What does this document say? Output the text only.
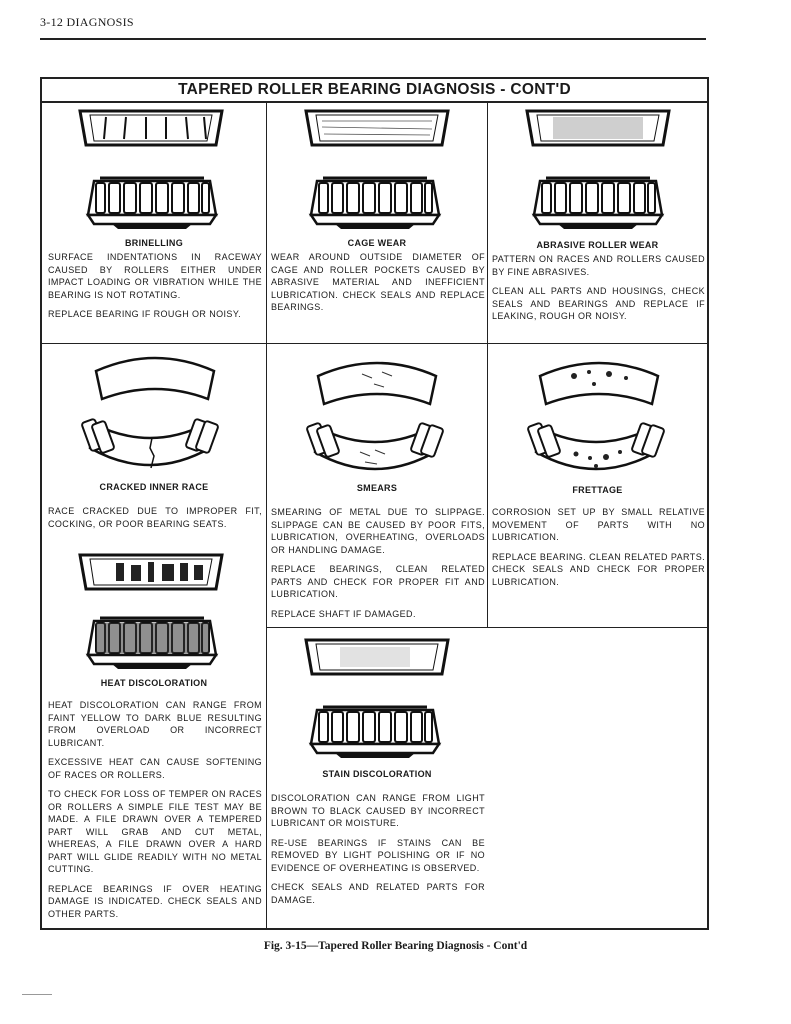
3-12 DIAGNOSIS
TAPERED ROLLER BEARING DIAGNOSIS - CONT'D
BRINELLING

SURFACE INDENTATIONS IN RACEWAY CAUSED BY ROLLERS EITHER UNDER IMPACT LOADING OR VIBRATION WHILE THE BEARING IS NOT ROTATING.

REPLACE BEARING IF ROUGH OR NOISY.

CAGE WEAR

WEAR AROUND OUTSIDE DIAMETER OF CAGE AND ROLLER POCKETS CAUSED BY ABRASIVE MATERIAL AND INEFFICIENT LUBRICATION. CHECK SEALS AND REPLACE BEARINGS.

ABRASIVE ROLLER WEAR

PATTERN ON RACES AND ROLLERS CAUSED BY FINE ABRASIVES.

CLEAN ALL PARTS AND HOUSINGS, CHECK SEALS AND BEARINGS AND REPLACE IF LEAKING, ROUGH OR NOISY.

CRACKED INNER RACE

RACE CRACKED DUE TO IMPROPER FIT, COCKING, OR POOR BEARING SEATS.

HEAT DISCOLORATION

HEAT DISCOLORATION CAN RANGE FROM FAINT YELLOW TO DARK BLUE RESULTING FROM OVERLOAD OR INCORRECT LUBRICANT.

EXCESSIVE HEAT CAN CAUSE SOFTENING OF RACES OR ROLLERS.

TO CHECK FOR LOSS OF TEMPER ON RACES OR ROLLERS A SIMPLE FILE TEST MAY BE MADE. A FILE DRAWN OVER A TEMPERED PART WILL GRAB AND CUT METAL, WHEREAS, A FILE DRAWN OVER A HARD PART WILL GLIDE READILY WITH NO METAL CUTTING.

REPLACE BEARINGS IF OVER HEATING DAMAGE IS INDICATED. CHECK SEALS AND OTHER PARTS.

SMEARS

SMEARING OF METAL DUE TO SLIPPAGE. SLIPPAGE CAN BE CAUSED BY POOR FITS, LUBRICATION, OVERHEATING, OVERLOADS OR HANDLING DAMAGE.

REPLACE BEARINGS, CLEAN RELATED PARTS AND CHECK FOR PROPER FIT AND LUBRICATION.

REPLACE SHAFT IF DAMAGED.

FRETTAGE

CORROSION SET UP BY SMALL RELATIVE MOVEMENT OF PARTS WITH NO LUBRICATION.

REPLACE BEARING. CLEAN RELATED PARTS. CHECK SEALS AND CHECK FOR PROPER LUBRICATION.

STAIN DISCOLORATION

DISCOLORATION CAN RANGE FROM LIGHT BROWN TO BLACK CAUSED BY INCORRECT LUBRICANT OR MOISTURE.

RE-USE BEARINGS IF STAINS CAN BE REMOVED BY LIGHT POLISHING OR IF NO EVIDENCE OF OVERHEATING IS OBSERVED.

CHECK SEALS AND RELATED PARTS FOR DAMAGE.

Fig. 3-15—Tapered Roller Bearing Diagnosis - Cont'd
